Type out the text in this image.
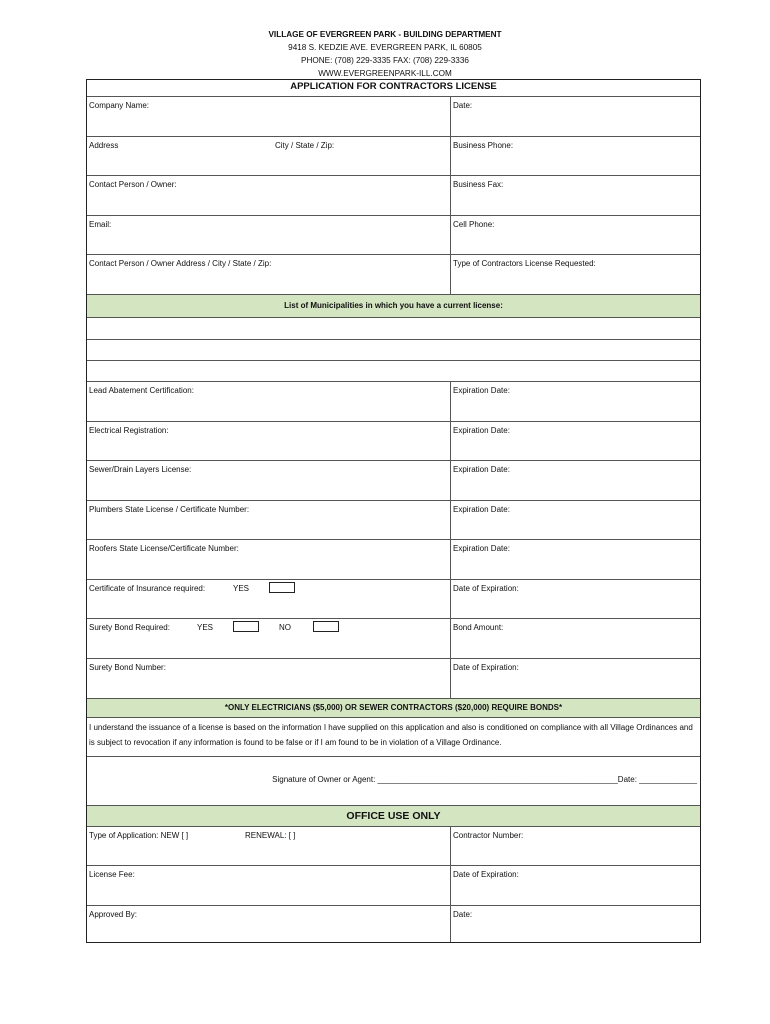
VILLAGE OF EVERGREEN PARK - BUILDING DEPARTMENT
9418 S. KEDZIE AVE. EVERGREEN PARK, IL 60805
PHONE: (708) 229-3335 FAX: (708) 229-3336
WWW.EVERGREENPARK-ILL.COM
APPLICATION FOR CONTRACTORS LICENSE
Company Name:	Date:
Address	City / State / Zip:	Business Phone:
Contact Person / Owner:	Business Fax:
Email:	Cell Phone:
Contact Person / Owner Address / City / State / Zip:	Type of Contractors License Requested:
List of Municipalities in which you have a current license:
Lead Abatement Certification:	Expiration Date:
Electrical Registration:	Expiration Date:
Sewer/Drain Layers License:	Expiration Date:
Plumbers State License / Certificate Number:	Expiration Date:
Roofers State License/Certificate Number:	Expiration Date:
Certificate of Insurance required:	YES	Date of Expiration:
Surety Bond Required:	YES	NO	Bond Amount:
Surety Bond Number:	Date of Expiration:
*ONLY ELECTRICIANS ($5,000) OR SEWER CONTRACTORS ($20,000) REQUIRE BONDS*
I understand the issuance of a license is based on the information I have supplied on this application and also is conditioned on compliance with all Village Ordinances and is subject to revocation if any information is found to be false or if I am found to be in violation of a Village Ordinance.
Signature of Owner or Agent: ______________________________________________________Date: _____________
OFFICE USE ONLY
Type of Application: NEW [ ]	RENEWAL: [ ]	Contractor Number:
License Fee:	Date of Expiration:
Approved By:	Date:
